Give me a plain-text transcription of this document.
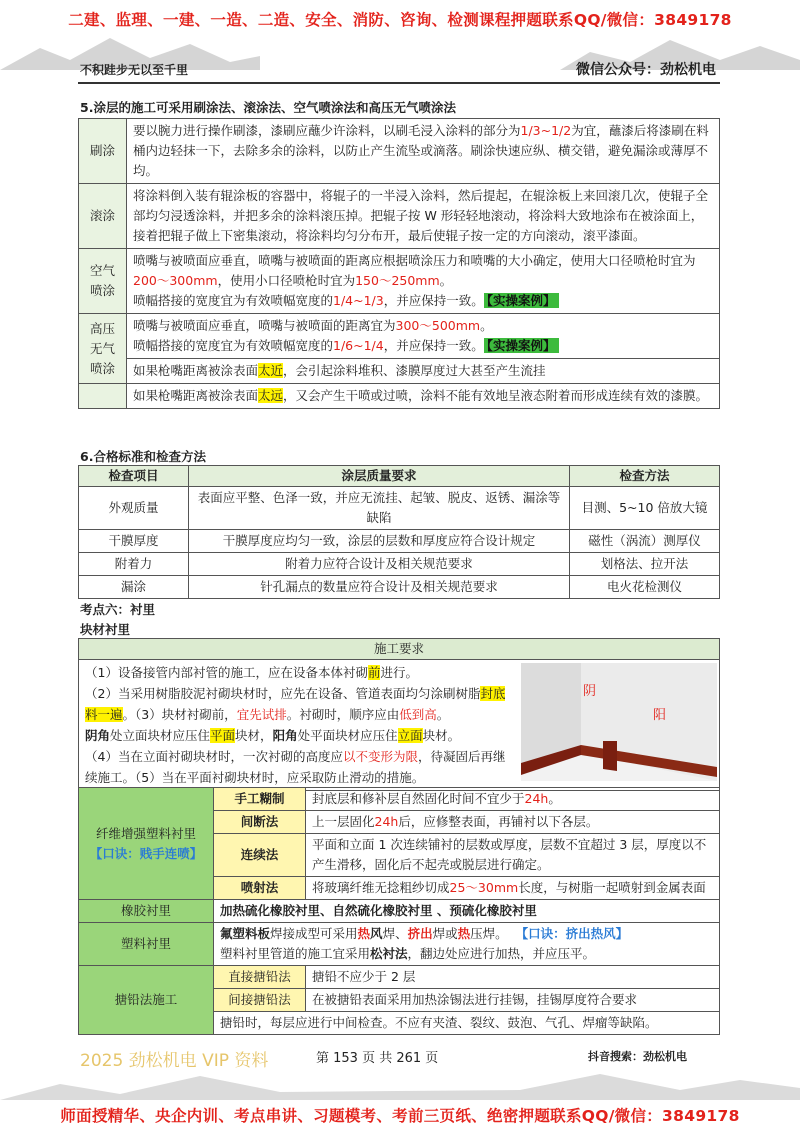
二建、监理、一建、一造、二造、安全、消防、咨询、检测课程押题联系QQ/微信：3849178
不积跬步无以至千里	微信公众号：劲松机电
5.涂层的施工可采用刷涂法、滚涂法、空气喷涂法和高压无气喷涂法
刷涂	要以腕力进行操作刷漆，漆刷应蘸少许涂料，以刷毛浸入涂料的部分为1/3~1/2为宜，蘸漆后将漆刷在料桶内边轻抹一下，去除多余的涂料，以防止产生流坠或滴落。刷涂快速应纵、横交错，避免漏涂或薄厚不均。
滚涂	将涂料倒入装有辊涂板的容器中，将辊子的一半浸入涂料，然后提起，在辊涂板上来回滚几次，使辊子全部均匀浸透涂料，并把多余的涂料滚压掉。把辊子按 W 形轻轻地滚动，将涂料大致地涂布在被涂面上，接着把辊子做上下密集滚动，将涂料均匀分布开，最后使辊子按一定的方向滚动，滚平漆面。
空气
喷涂	喷嘴与被喷面应垂直，喷嘴与被喷面的距离应根据喷涂压力和喷嘴的大小确定，使用大口径喷枪时宜为200～300mm，使用小口径喷枪时宜为150～250mm。
喷幅搭接的宽度宜为有效喷幅宽度的1/4~1/3，并应保持一致。 【实操案例】
高压
无气
喷涂	喷嘴与被喷面应垂直，喷嘴与被喷面的距离宜为300～500mm。
喷幅搭接的宽度宜为有效喷幅宽度的1/6~1/4，并应保持一致。 【实操案例】
	如果枪嘴距离被涂表面太近，会引起涂料堆积、漆膜厚度过大甚至产生流挂
	如果枪嘴距离被涂表面太远，又会产生干喷或过喷，涂料不能有效地呈液态附着而形成连续有效的漆膜。
6.合格标准和检查方法
检查项目	涂层质量要求	检查方法
外观质量	表面应平整、色泽一致，并应无流挂、起皱、脱皮、返锈、漏涂等缺陷	目测、5~10 倍放大镜
干膜厚度	干膜厚度应均匀一致，涂层的层数和厚度应符合设计规定	磁性（涡流）测厚仪
附着力	附着力应符合设计及相关规范要求	划格法、拉开法
漏涂	针孔漏点的数量应符合设计及相关规范要求	电火花检测仪
考点六：衬里
块材衬里
施工要求
（1）设备接管内部衬管的施工，应在设备本体衬砌前进行。
（2）当采用树脂胶泥衬砌块材时，应先在设备、管道表面均匀涂刷树脂封底料一遍。（3）块材衬砌前，宜先试排。衬砌时，顺序应由低到高。
阴角处立面块材应压住平面块材，阳角处平面块材应压住立面块材。
（4）当在立面衬砌块材时，一次衬砌的高度应以不变形为限，待凝固后再继续施工。（5）当在平面衬砌块材时，应采取防止滑动的措施。
阴
阳
纤维增强塑料衬里
【口诀：贱手连喷】	手工糊制	封底层和修补层自然固化时间不宜少于24h。
	间断法	上一层固化24h后，应修整表面，再铺衬以下各层。
	连续法	平面和立面 1 次连续铺衬的层数或厚度，层数不宜超过 3 层，厚度以不产生滑移，固化后不起壳或脱层进行确定。
	喷射法	将玻璃纤维无捻粗纱切成25～30mm长度，与树脂一起喷射到金属表面
橡胶衬里	加热硫化橡胶衬里、自然硫化橡胶衬里 、预硫化橡胶衬里	
塑料衬里	氟塑料板焊接成型可采用热风焊、挤出焊或热压焊。 【口诀：挤出热风】
塑料衬里管道的施工宜采用松衬法，翻边处应进行加热，并应压平。	
搪铅法施工	直接搪铅法	搪铅不应少于 2 层
	间接搪铅法	在被搪铅表面采用加热涂锡法进行挂锡，挂锡厚度符合要求
	搪铅时，每层应进行中间检查。不应有夹渣、裂纹、鼓泡、气孔、焊瘤等缺陷。	
2025 劲松机电 VIP 资料	第 153 页 共 261 页	抖音搜索：劲松机电
师面授精华、央企内训、考点串讲、习题模考、考前三页纸、绝密押题联系QQ/微信：3849178
